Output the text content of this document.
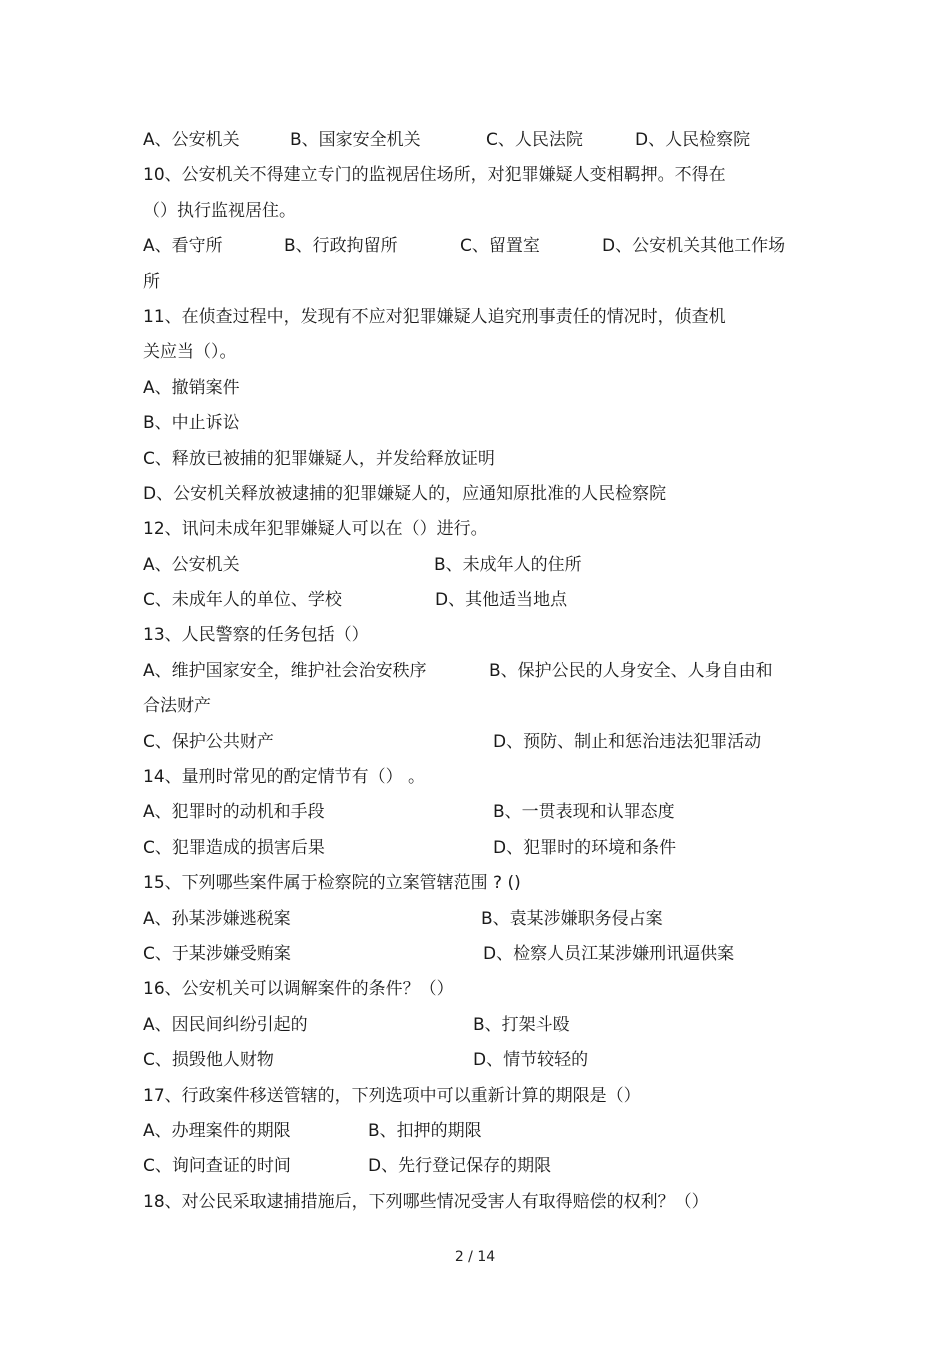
A、公安机关	B、国家安全机关	C、人民法院	D、人民检察院
10、公安机关不得建立专门的监视居住场所，对犯罪嫌疑人变相羁押。不得在
（）执行监视居住。
A、看守所	B、行政拘留所	C、留置室	D、公安机关其他工作场
所
11、在侦查过程中，发现有不应对犯罪嫌疑人追究刑事责任的情况时，侦查机
关应当（）。
A、撤销案件
B、中止诉讼
C、释放已被捕的犯罪嫌疑人，并发给释放证明
D、公安机关释放被逮捕的犯罪嫌疑人的，应通知原批准的人民检察院
12、讯问未成年犯罪嫌疑人可以在（）进行。
A、公安机关	B、未成年人的住所
C、未成年人的单位、学校	D、其他适当地点
13、人民警察的任务包括（）
A、维护国家安全，维护社会治安秩序	B、保护公民的人身安全、人身自由和
合法财产
C、保护公共财产	D、预防、制止和惩治违法犯罪活动
14、量刑时常见的酌定情节有（） 。
A、犯罪时的动机和手段	B、一贯表现和认罪态度
C、犯罪造成的损害后果	D、犯罪时的环境和条件
15、下列哪些案件属于检察院的立案管辖范围 ? ()
A、孙某涉嫌逃税案	B、袁某涉嫌职务侵占案
C、于某涉嫌受贿案	D、检察人员江某涉嫌刑讯逼供案
16、公安机关可以调解案件的条件？（）
A、因民间纠纷引起的	B、打架斗殴
C、损毁他人财物	D、情节较轻的
17、行政案件移送管辖的，下列选项中可以重新计算的期限是（）
A、办理案件的期限	B、扣押的期限
C、询问查证的时间	D、先行登记保存的期限
18、对公民采取逮捕措施后，下列哪些情况受害人有取得赔偿的权利？（）
2 / 14
